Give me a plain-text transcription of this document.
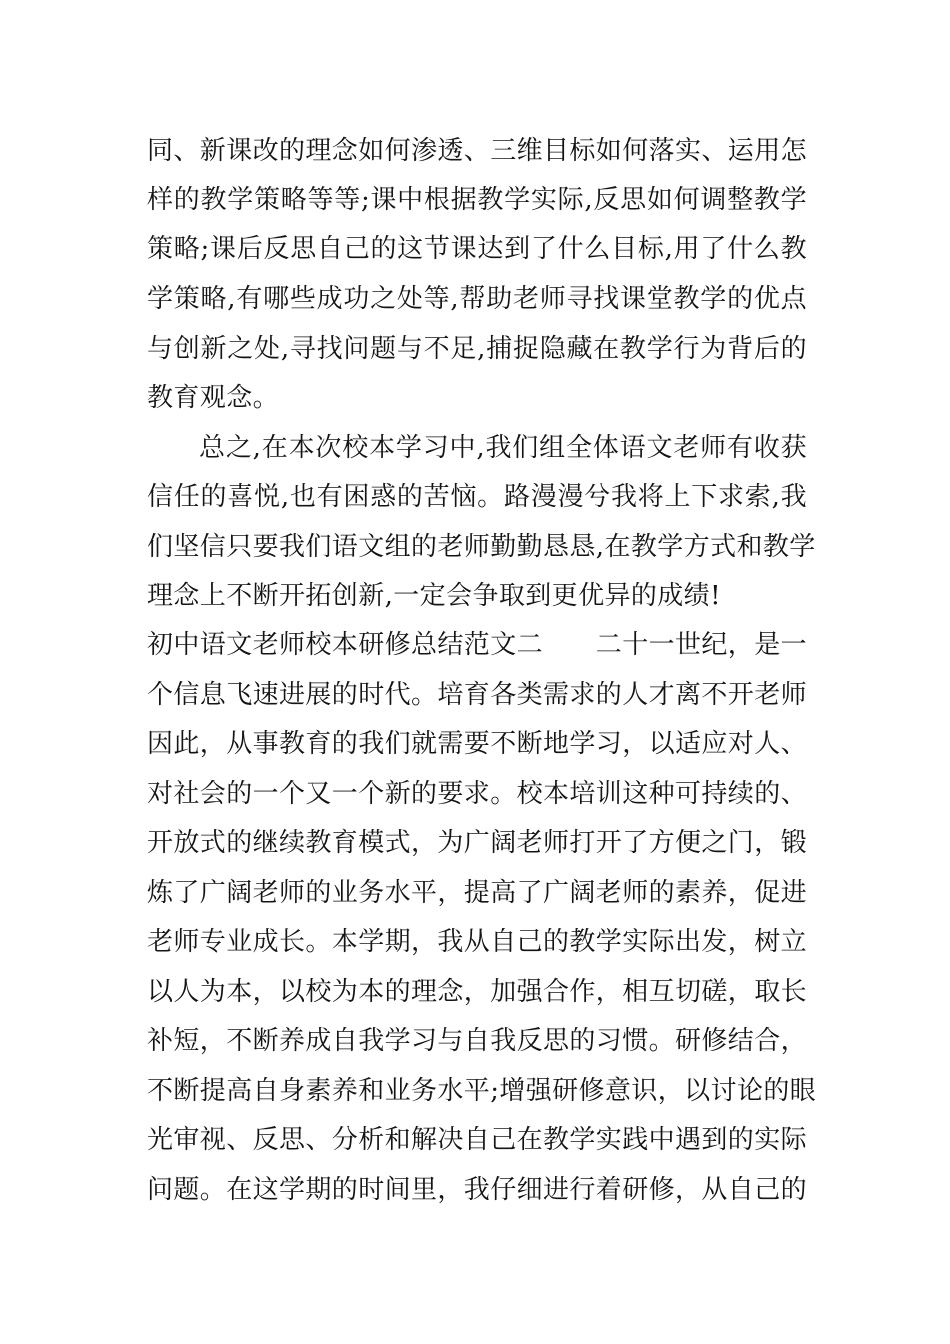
同、新课改的理念如何渗透、三维目标如何落实、运用怎
样的教学策略等等;课中根据教学实际,反思如何调整教学
策略;课后反思自己的这节课达到了什么目标,用了什么教
学策略,有哪些成功之处等,帮助老师寻找课堂教学的优点
与创新之处,寻找问题与不足,捕捉隐藏在教学行为背后的
教育观念。
总之,在本次校本学习中,我们组全体语文老师有收获
信任的喜悦,也有困惑的苦恼。路漫漫兮我将上下求索,我
们坚信只要我们语文组的老师勤勤恳恳,在教学方式和教学
理念上不断开拓创新,一定会争取到更优异的成绩!
初中语文老师校本研修总结范文二　　二十一世纪，是一
个信息飞速进展的时代。培育各类需求的人才离不开老师
因此，从事教育的我们就需要不断地学习，以适应对人、
对社会的一个又一个新的要求。校本培训这种可持续的、
开放式的继续教育模式，为广阔老师打开了方便之门，锻
炼了广阔老师的业务水平，提高了广阔老师的素养，促进
老师专业成长。本学期，我从自己的教学实际出发，树立
以人为本，以校为本的理念，加强合作，相互切磋，取长
补短，不断养成自我学习与自我反思的习惯。研修结合，
不断提高自身素养和业务水平;增强研修意识，以讨论的眼
光审视、反思、分析和解决自己在教学实践中遇到的实际
问题。在这学期的时间里，我仔细进行着研修，从自己的
